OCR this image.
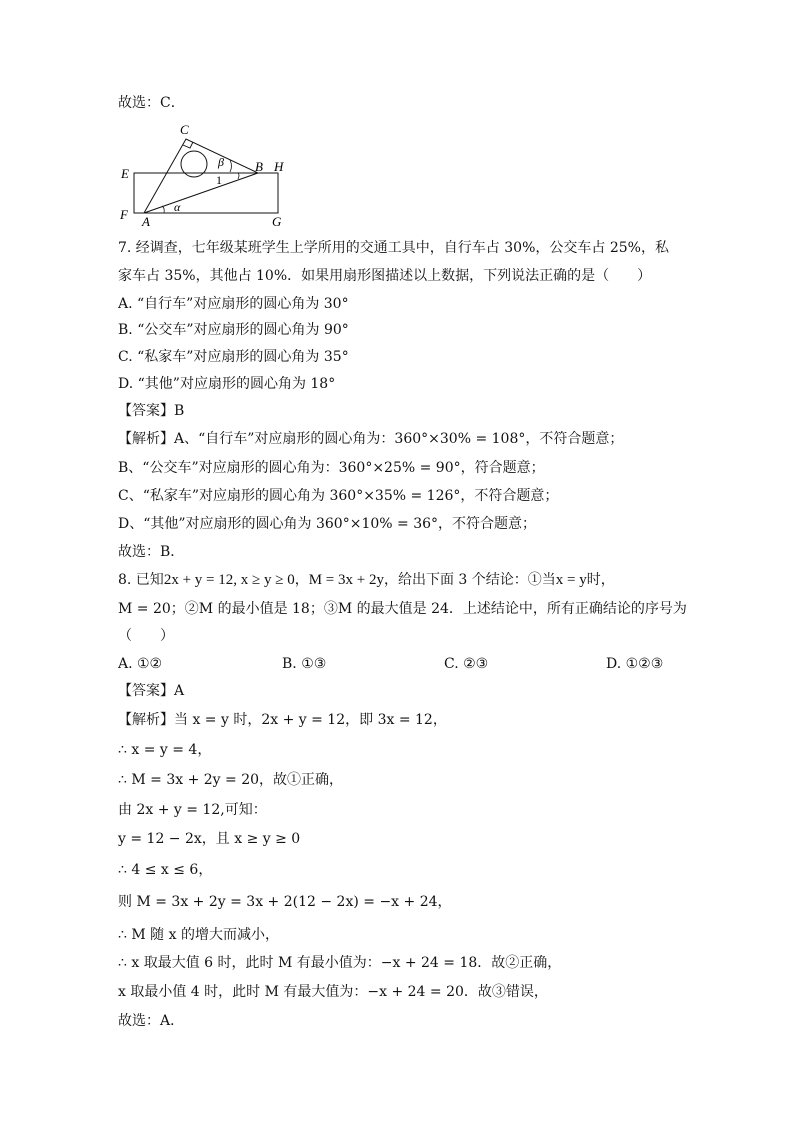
故选：C．
C
E	B H
F A	G
β
1
α
7. 经调查，七年级某班学生上学所用的交通工具中，自行车占 30%，公交车占 25%，私
家车占 35%，其他占 10%．如果用扇形图描述以上数据，下列说法正确的是（　　）
A. “自行车”对应扇形的圆心角为 30°
B. “公交车”对应扇形的圆心角为 90°
C. “私家车”对应扇形的圆心角为 35°
D. “其他”对应扇形的圆心角为 18°
【答案】B
【解析】A、“自行车”对应扇形的圆心角为：360°×30% = 108°，不符合题意；
B、“公交车”对应扇形的圆心角为：360°×25% = 90°，符合题意；
C、“私家车”对应扇形的圆心角为 360°×35% = 126°，不符合题意；
D、“其他”对应扇形的圆心角为 360°×10% = 36°，不符合题意；
故选：B．
8. 已知2x + y = 12, x ≥ y ≥ 0，M = 3x + 2y，给出下面 3 个结论：①当x = y时，
M = 20；②M 的最小值是 18；③M 的最大值是 24．上述结论中，所有正确结论的序号为
（　　）
A. ①②	B. ①③	C. ②③	D. ①②③
【答案】A
【解析】当 x = y 时，2x + y = 12，即 3x = 12，
∴ x = y = 4，
∴ M = 3x + 2y = 20，故①正确，
由 2x + y = 12,可知：
y = 12 − 2x，且 x ≥ y ≥ 0
∴ 4 ≤ x ≤ 6，
则 M = 3x + 2y = 3x + 2(12 − 2x) = −x + 24，
∴ M 随 x 的增大而减小，
∴ x 取最大值 6 时，此时 M 有最小值为：−x + 24 = 18．故②正确，
x 取最小值 4 时，此时 M 有最大值为：−x + 24 = 20．故③错误，
故选：A．
